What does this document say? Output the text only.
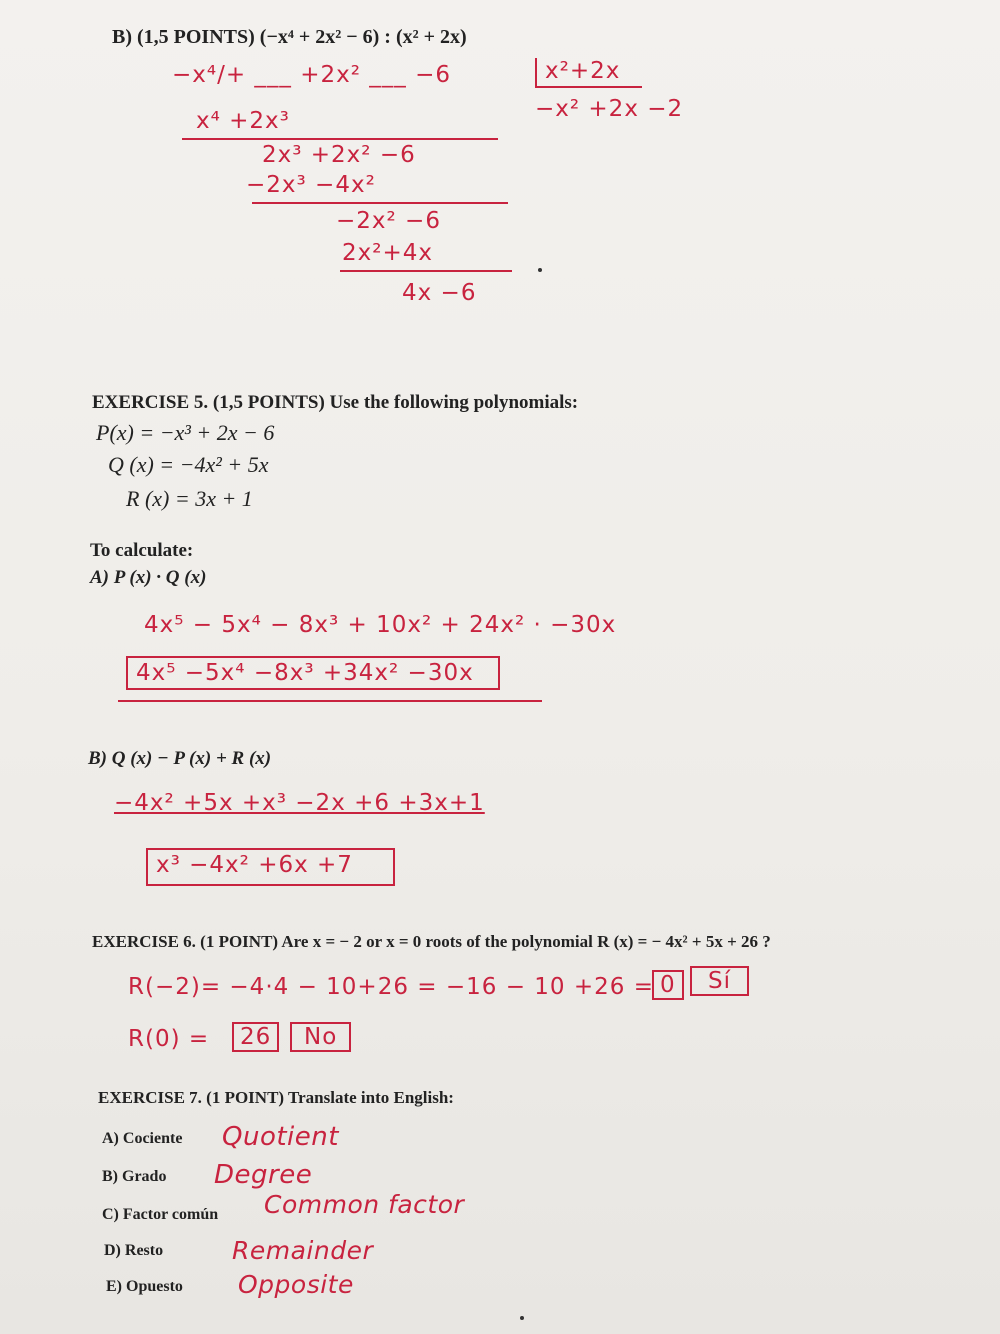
B) (1,5 POINTS) (−x⁴ + 2x² − 6) : (x² + 2x)
−x⁴/+ ___ +2x² ___ −6	x²+2x
−x² +2x −2
x⁴ +2x³
2x³ +2x² −6
−2x³ −4x²
−2x² −6
2x²+4x
4x −6
EXERCISE 5. (1,5 POINTS) Use the following polynomials:
P(x) = −x³ + 2x − 6
Q (x) = −4x² + 5x
R (x) = 3x + 1
To calculate:
A) P (x) · Q (x)
4x⁵ − 5x⁴ − 8x³ + 10x² + 24x² · −30x
4x⁵ −5x⁴ −8x³ +34x² −30x
B) Q (x) − P (x) + R (x)
−4x² +5x +x³ −2x +6 +3x+1
x³ −4x² +6x +7
EXERCISE 6. (1 POINT) Are x = − 2 or x = 0 roots of the polynomial R (x) = − 4x² + 5x + 26 ?
R(−2)= −4·4 − 10+26 = −16 − 10 +26 = 0	Sí
R(0) =	26	No
EXERCISE 7. (1 POINT) Translate into English:
A) Cociente Quotient
B) Grado Degree
C) Factor común Common factor
D) Resto	Remainder
E) Opuesto Opposite
